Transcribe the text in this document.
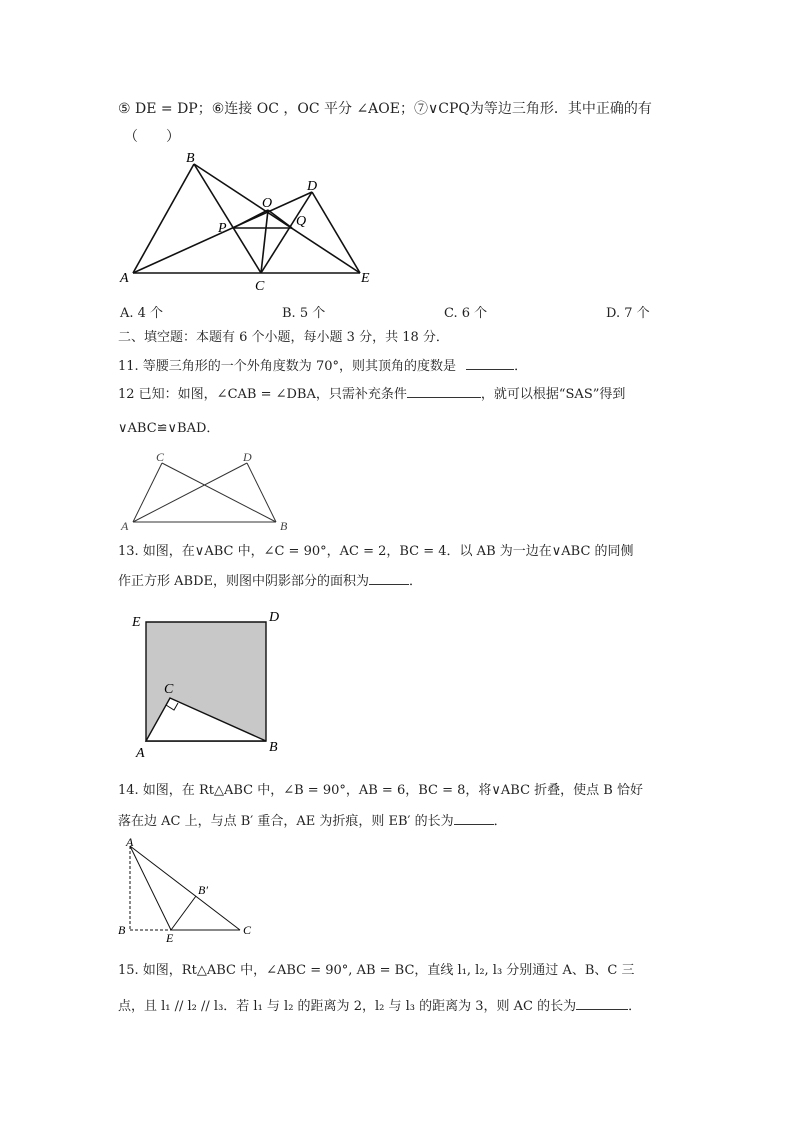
⑤ DE = DP；⑥连接 OC ，OC 平分 ∠AOE；⑦∨CPQ为等边三角形．其中正确的有
（　　）
B
D
O
P	Q
A
C
E
A. 4 个	B. 5 个	C. 6 个	D. 7 个
二、填空题：本题有 6 个小题，每小题 3 分，共 18 分．
11. 等腰三角形的一个外角度数为 70°，则其顶角的度数是	．
12 已知：如图，∠CAB = ∠DBA，只需补充条件	，就可以根据“SAS”得到
∨ABC≌∨BAD．
C	D
A	B
13. 如图，在∨ABC 中，∠C = 90°，AC = 2，BC = 4．以 AB 为一边在∨ABC 的同侧
作正方形 ABDE，则图中阴影部分的面积为	．
E	D
C
A	B
14. 如图，在 Rt△ABC 中，∠B = 90°，AB = 6，BC = 8，将∨ABC 折叠，使点 B 恰好
落在边 AC 上，与点 B′ 重合，AE 为折痕，则 EB′ 的长为	．
A
B′
B
E
C
15. 如图，Rt△ABC 中，∠ABC = 90°, AB = BC，直线 l₁, l₂, l₃ 分别通过 A、B、C 三
点，且 l₁ // l₂ // l₃．若 l₁ 与 l₂ 的距离为 2，l₂ 与 l₃ 的距离为 3，则 AC 的长为	．
